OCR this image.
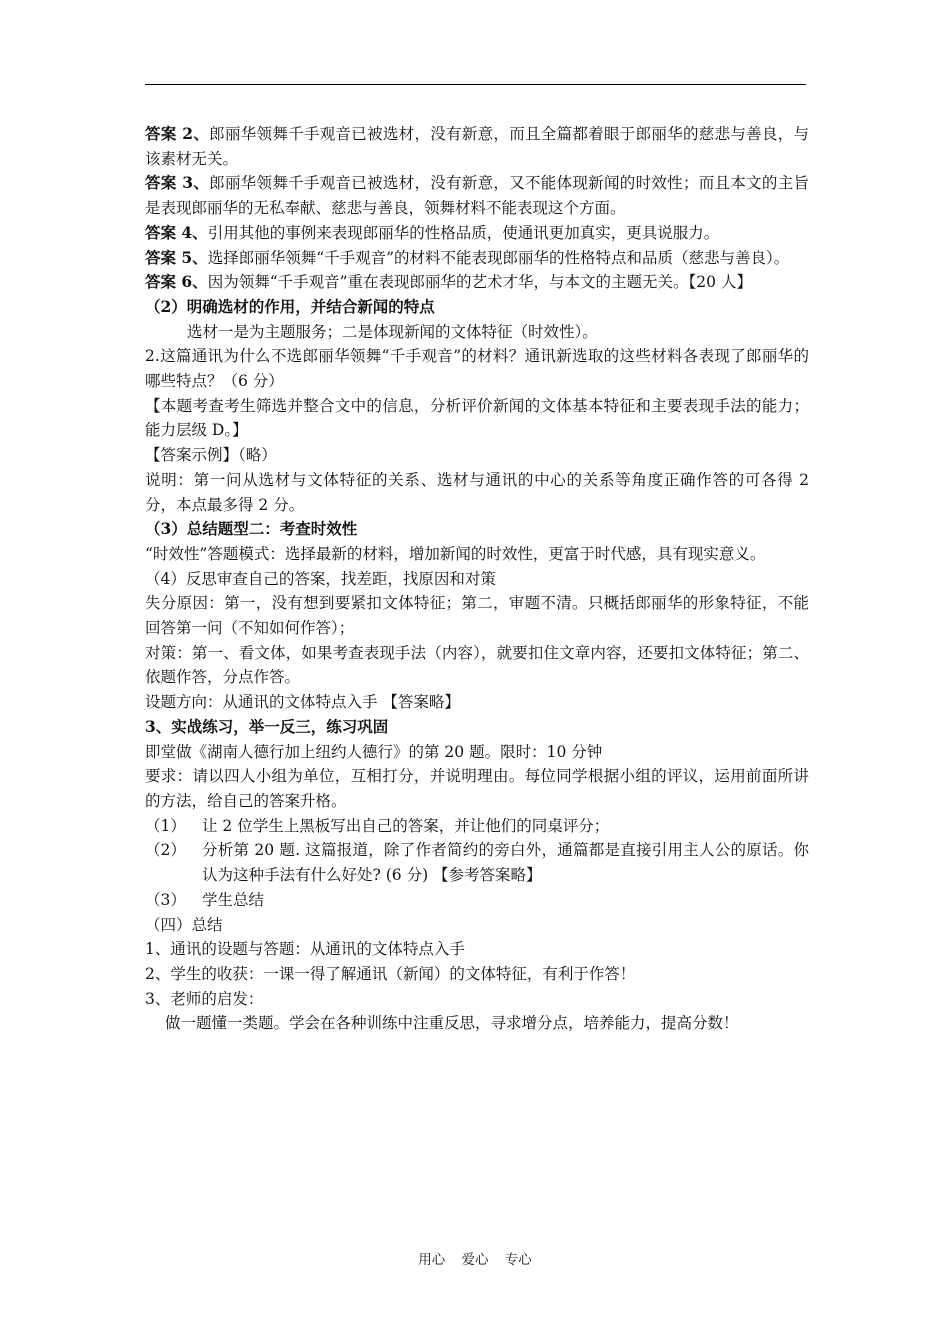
答案 2、郎丽华领舞千手观音已被选材，没有新意，而且全篇都着眼于郎丽华的慈悲与善良，与该素材无关。

答案 3、郎丽华领舞千手观音已被选材，没有新意，又不能体现新闻的时效性；而且本文的主旨是表现郎丽华的无私奉献、慈悲与善良，领舞材料不能表现这个方面。

答案 4、引用其他的事例来表现郎丽华的性格品质，使通讯更加真实，更具说服力。

答案 5、选择郎丽华领舞“千手观音”的材料不能表现郎丽华的性格特点和品质（慈悲与善良）。

答案 6、因为领舞“千手观音”重在表现郎丽华的艺术才华，与本文的主题无关。【20 人】

（2）明确选材的作用，并结合新闻的特点

选材一是为主题服务；二是体现新闻的文体特征（时效性）。

2.这篇通讯为什么不选郎丽华领舞“千手观音”的材料？通讯新选取的这些材料各表现了郎丽华的哪些特点？（6 分）

【本题考查考生筛选并整合文中的信息，分析评价新闻的文体基本特征和主要表现手法的能力；能力层级 D。】

【答案示例】（略）

说明：第一问从选材与文体特征的关系、选材与通讯的中心的关系等角度正确作答的可各得 2 分，本点最多得 2 分。

（3）总结题型二：考查时效性

“时效性”答题模式：选择最新的材料，增加新闻的时效性，更富于时代感，具有现实意义。

（4）反思审查自己的答案，找差距，找原因和对策

失分原因：第一，没有想到要紧扣文体特征；第二，审题不清。只概括郎丽华的形象特征，不能回答第一问（不知如何作答）；

对策：第一、看文体，如果考查表现手法（内容），就要扣住文章内容，还要扣文体特征；第二、依题作答，分点作答。

设题方向：从通讯的文体特点入手 【答案略】

3、实战练习，举一反三，练习巩固

即堂做《湖南人德行加上纽约人德行》的第 20 题。限时：10 分钟

要求：请以四人小组为单位，互相打分，并说明理由。每位同学根据小组的评议，运用前面所讲的方法，给自己的答案升格。

（1）	让 2 位学生上黑板写出自己的答案，并让他们的同桌评分；
（2）	分析第 20 题. 这篇报道，除了作者简约的旁白外，通篇都是直接引用主人公的原话。你认为这种手法有什么好处? (6 分) 【参考答案略】
（3）	学生总结

（四）总结

1、通讯的设题与答题：从通讯的文体特点入手

2、学生的收获：一课一得了解通讯（新闻）的文体特征，有利于作答！

3、老师的启发：

做一题懂一类题。学会在各种训练中注重反思，寻求增分点，培养能力，提高分数！

用心 爱心 专心
